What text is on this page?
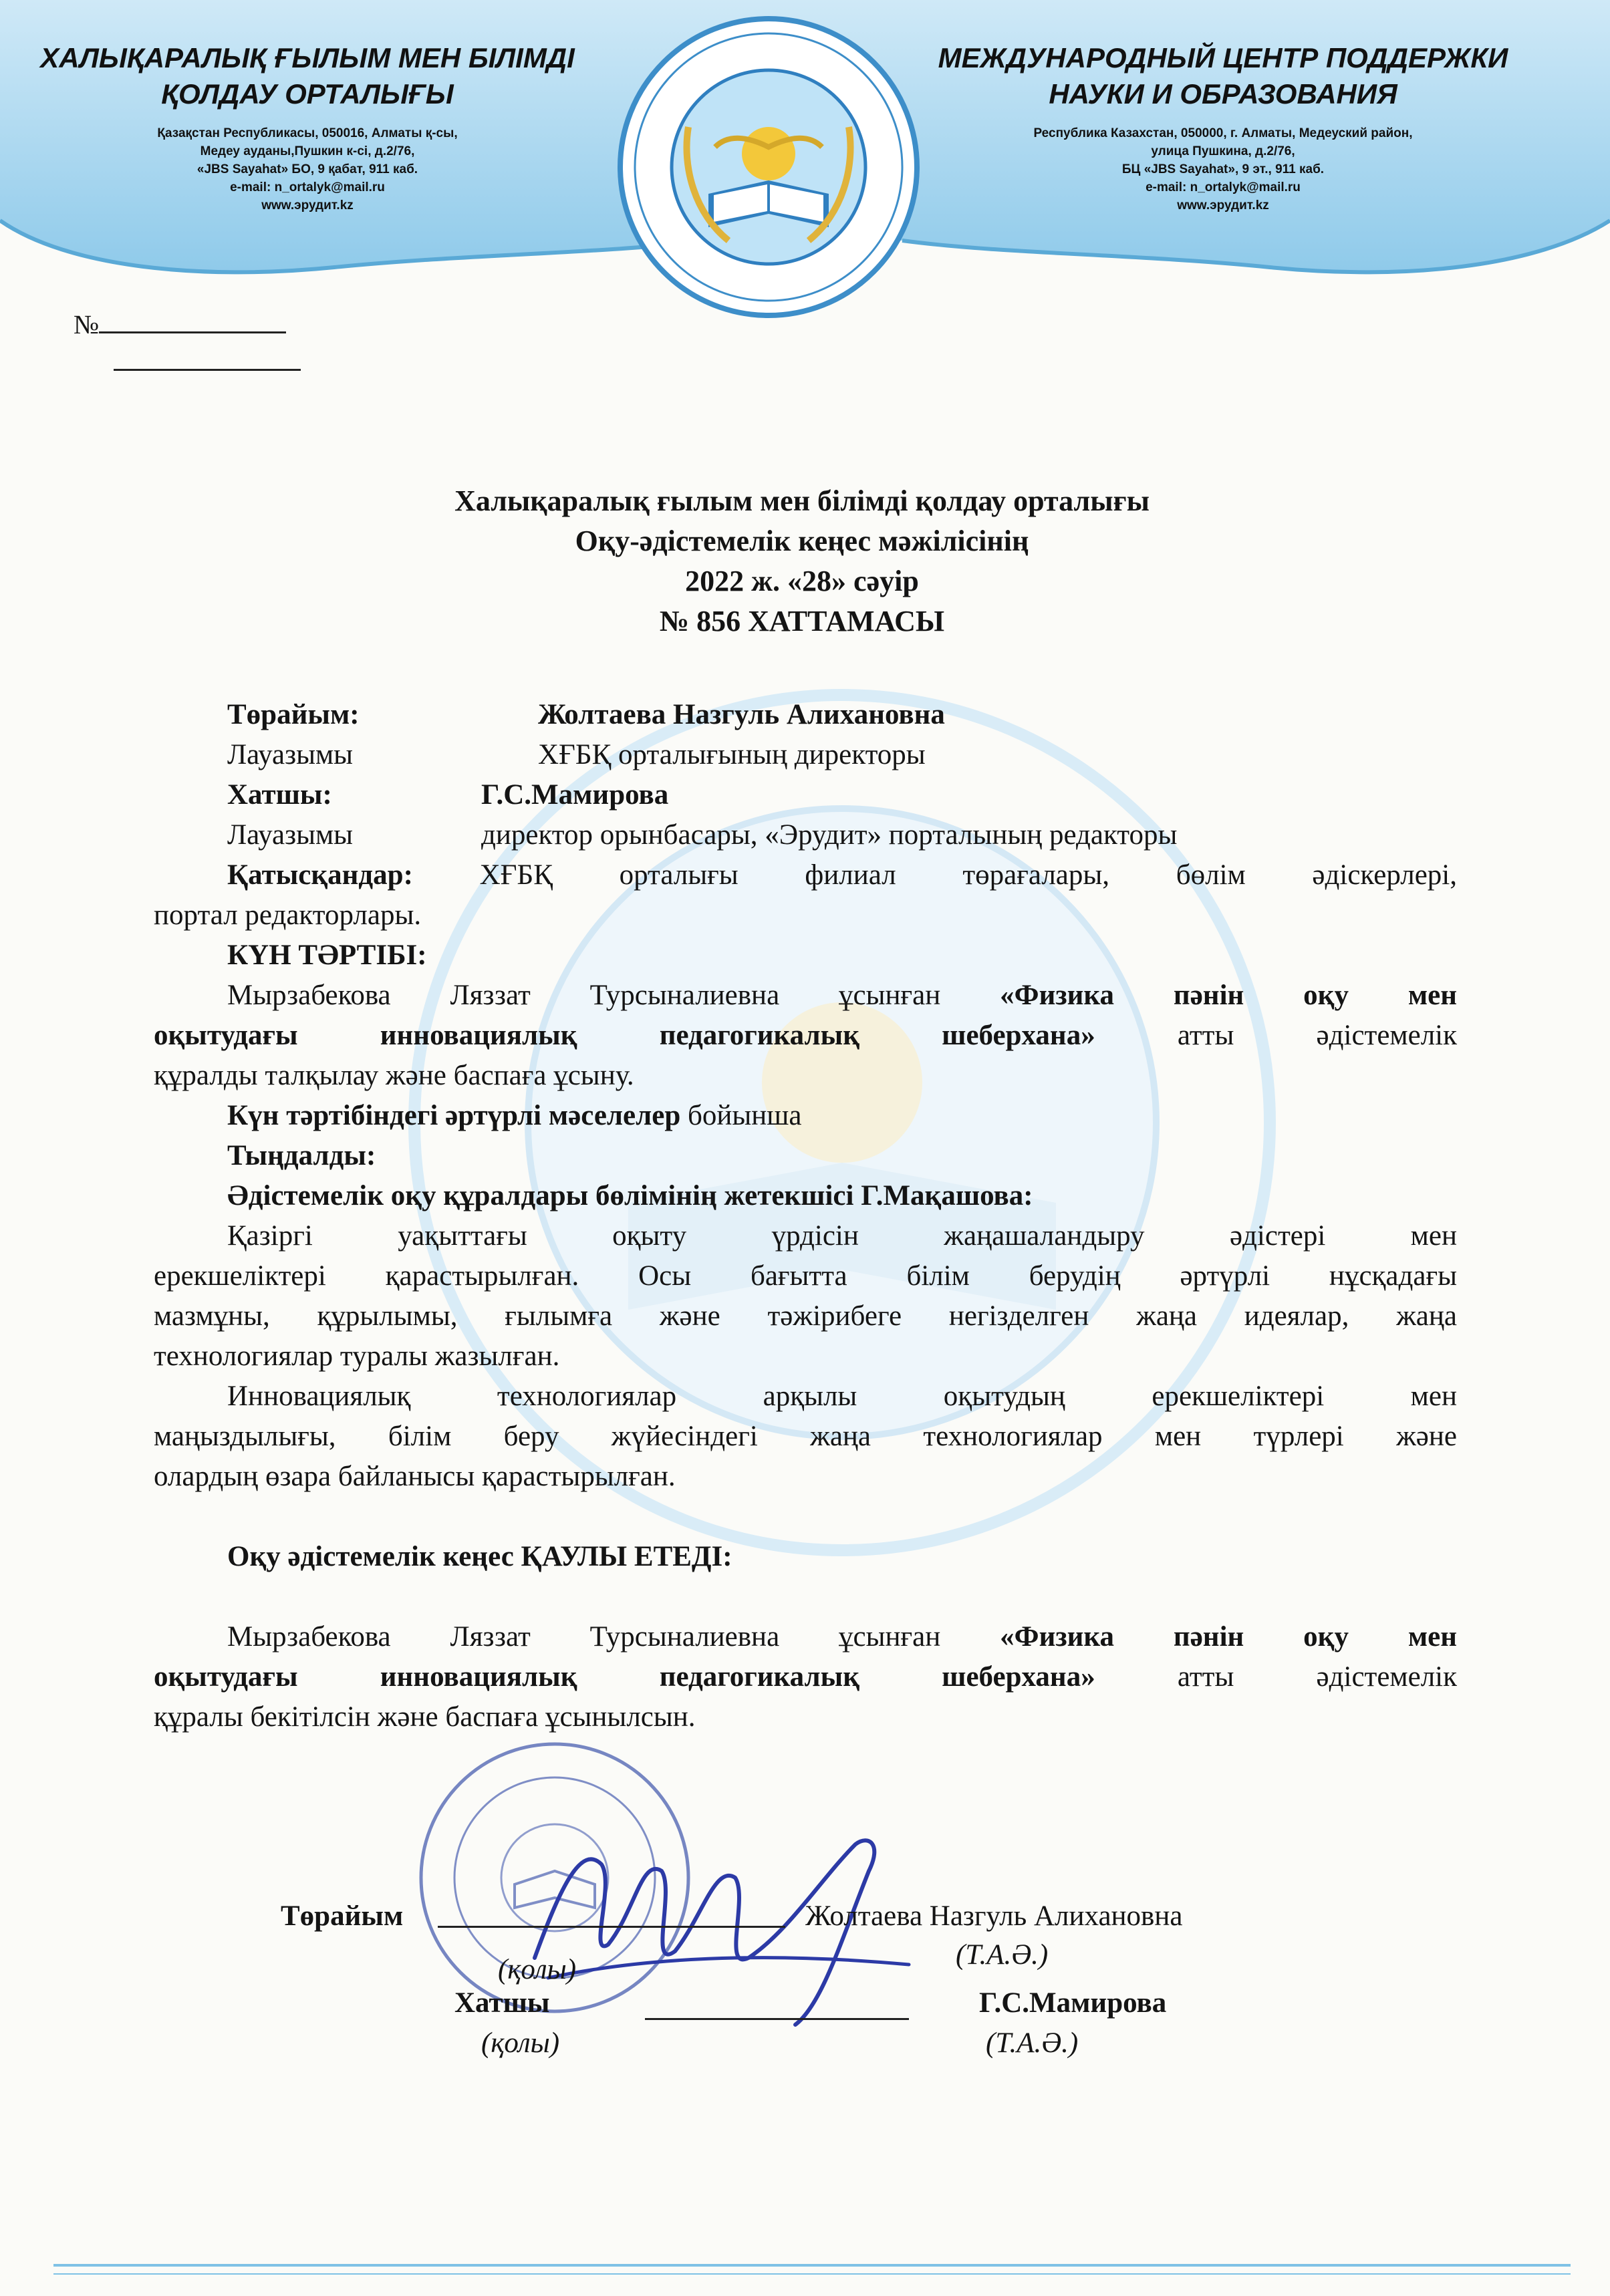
ХАЛЫҚАРАЛЫҚ ҒЫЛЫМ МЕН БІЛІМДІ
ҚОЛДАУ ОРТАЛЫҒЫ
Қазақстан Республикасы, 050016, Алматы қ-сы,
Медеу ауданы,Пушкин к-сі, д.2/76,
«JBS Sayahat» БО, 9 қабат, 911 каб.
e-mail: n_ortalyk@mail.ru
www.эрудит.kz
МЕЖДУНАРОДНЫЙ ЦЕНТР ПОДДЕРЖКИ
НАУКИ И ОБРАЗОВАНИЯ
Республика Казахстан, 050000, г. Алматы, Медеуский район,
улица Пушкина, д.2/76,
БЦ «JBS Sayahat», 9 эт., 911 каб.
e-mail: n_ortalyk@mail.ru
www.эрудит.kz
№
Халықаралық ғылым мен білімді қолдау орталығы
Оқу-әдістемелік кеңес мәжілісінің
2022 ж. «28» сәуір
№ 856 ХАТТАМАСЫ
Төрайым:	Жолтаева Назгуль Алихановна
Лауазымы	ХҒБҚ орталығының директоры
Хатшы:	Г.С.Мамирова
Лауазымы	директор орынбасары, «Эрудит» порталының редакторы
Қатысқандар: ХҒБҚ орталығы филиал төрағалары, бөлім әдіскерлері,
портал редакторлары.
КҮН ТӘРТІБІ:
Мырзабекова Ляззат Турсыналиевна ұсынған «Физика пәнін оқу мен
оқытудағы инновациялық педагогикалық шеберхана» атты әдістемелік
құралды талқылау және баспаға ұсыну.
Күн тәртібіндегі әртүрлі мәселелер бойынша
Тыңдалды:
Әдістемелік оқу құралдары бөлімінің жетекшісі Г.Мақашова:
Қазіргі уақыттағы оқыту үрдісін жаңашаландыру әдістері мен
ерекшеліктері қарастырылған. Осы бағытта білім берудің әртүрлі нұсқадағы
мазмұны, құрылымы, ғылымға және тәжірибеге негізделген жаңа идеялар, жаңа
технологиялар туралы жазылған.
Инновациялық технологиялар арқылы оқытудың ерекшеліктері мен
маңыздылығы, білім беру жүйесіндегі жаңа технологиялар мен түрлері және
олардың өзара байланысы қарастырылған.
Оқу әдістемелік кеңес ҚАУЛЫ ЕТЕДІ:
Мырзабекова Ляззат Турсыналиевна ұсынған «Физика пәнін оқу мен
оқытудағы инновациялық педагогикалық шеберхана» атты әдістемелік
құралы бекітілсін және баспаға ұсынылсын.
Төрайым	Жолтаева Назгуль Алихановна
(қолы)	(Т.А.Ә.)
Хатшы	Г.С.Мамирова
(қолы)	(Т.А.Ә.)
